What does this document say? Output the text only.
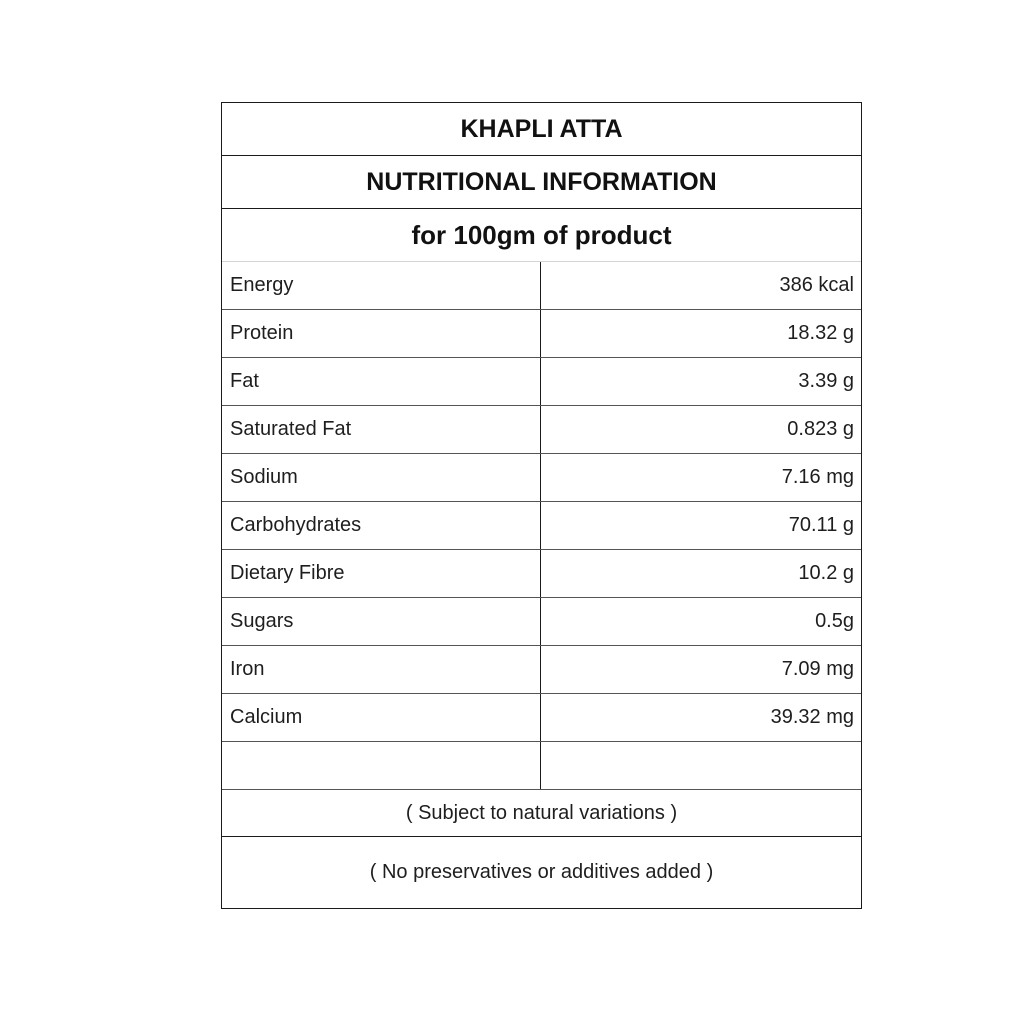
KHAPLI ATTA
NUTRITIONAL INFORMATION
for 100gm of product
Energy	386 kcal
Protein	18.32 g
Fat	3.39 g
Saturated Fat	0.823 g
Sodium	7.16 mg
Carbohydrates	70.11 g
Dietary Fibre	10.2 g
Sugars	0.5g
Iron	7.09 mg
Calcium	39.32 mg
( Subject to natural variations )
( No preservatives or additives added )
